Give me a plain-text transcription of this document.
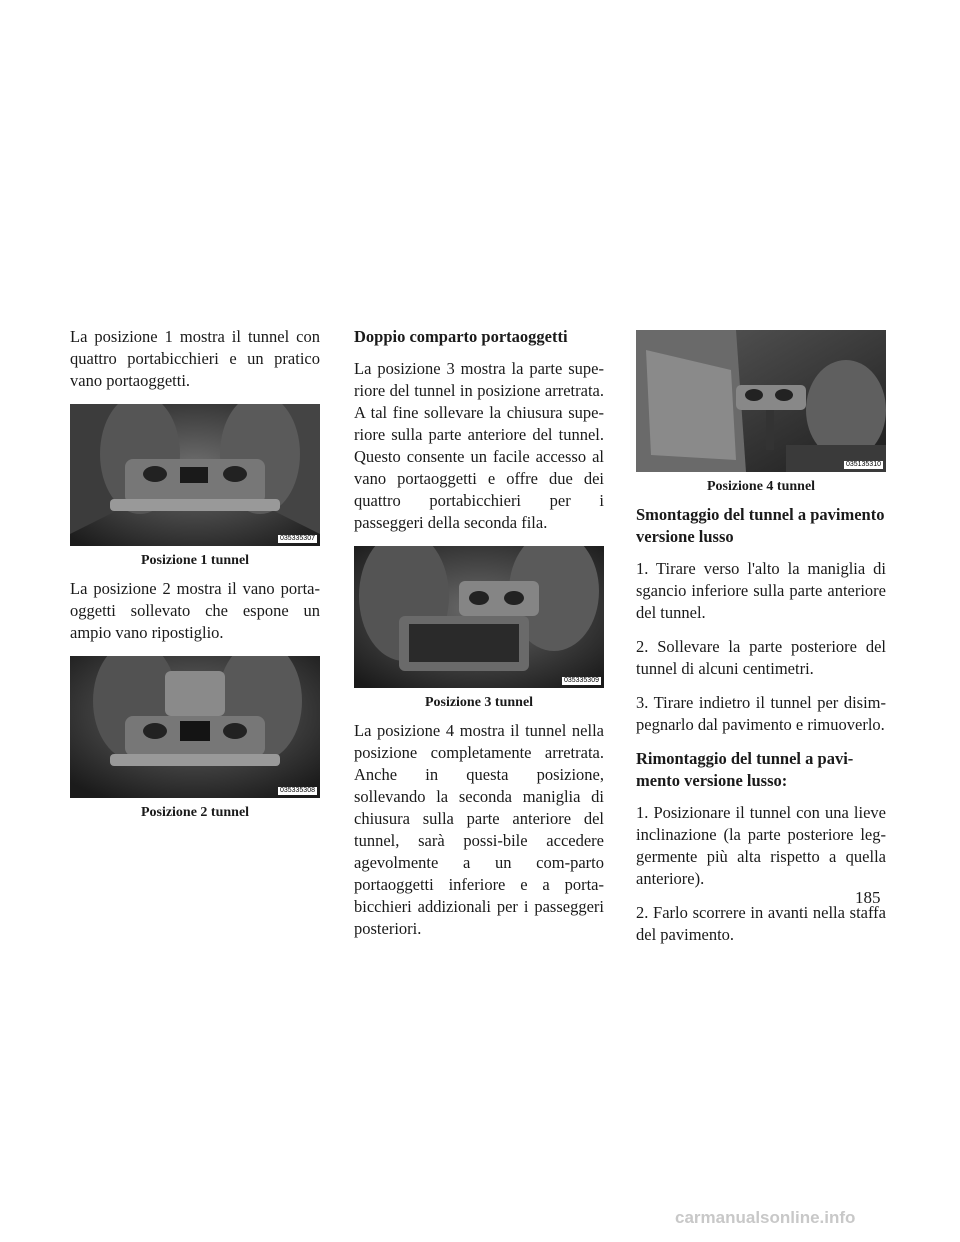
La posizione 1 mostra il tunnel con quattro portabicchieri e un pratico vano portaoggetti.

035335307
Posizione 1 tunnel

La posizione 2 mostra il vano porta-oggetti sollevato che espone un ampio vano ripostiglio.

035335308
Posizione 2 tunnel
Doppio comparto portaoggetti

La posizione 3 mostra la parte supe-riore del tunnel in posizione arretrata. A tal fine sollevare la chiusura supe-riore sulla parte anteriore del tunnel. Questo consente un facile accesso al vano portaoggetti e offre due dei quattro portabicchieri per i passeggeri della seconda fila.

035335309
Posizione 3 tunnel

La posizione 4 mostra il tunnel nella posizione completamente arretrata. Anche in questa posizione, sollevando la seconda maniglia di chiusura sulla parte anteriore del tunnel, sarà possi-bile accedere agevolmente a un com-parto portaoggetti inferiore e a porta-bicchieri addizionali per i passeggeri posteriori.

035135310
Posizione 4 tunnel
Smontaggio del tunnel a pavimento versione lusso

1. Tirare verso l'alto la maniglia di sgancio inferiore sulla parte anteriore del tunnel.

2. Sollevare la parte posteriore del tunnel di alcuni centimetri.

3. Tirare indietro il tunnel per disim-pegnarlo dal pavimento e rimuoverlo.

Rimontaggio del tunnel a pavi-mento versione lusso:

1. Posizionare il tunnel con una lieve inclinazione (la parte posteriore leg-germente più alta rispetto a quella anteriore).

2. Farlo scorrere in avanti nella staffa del pavimento.

185
carmanualsonline.info
